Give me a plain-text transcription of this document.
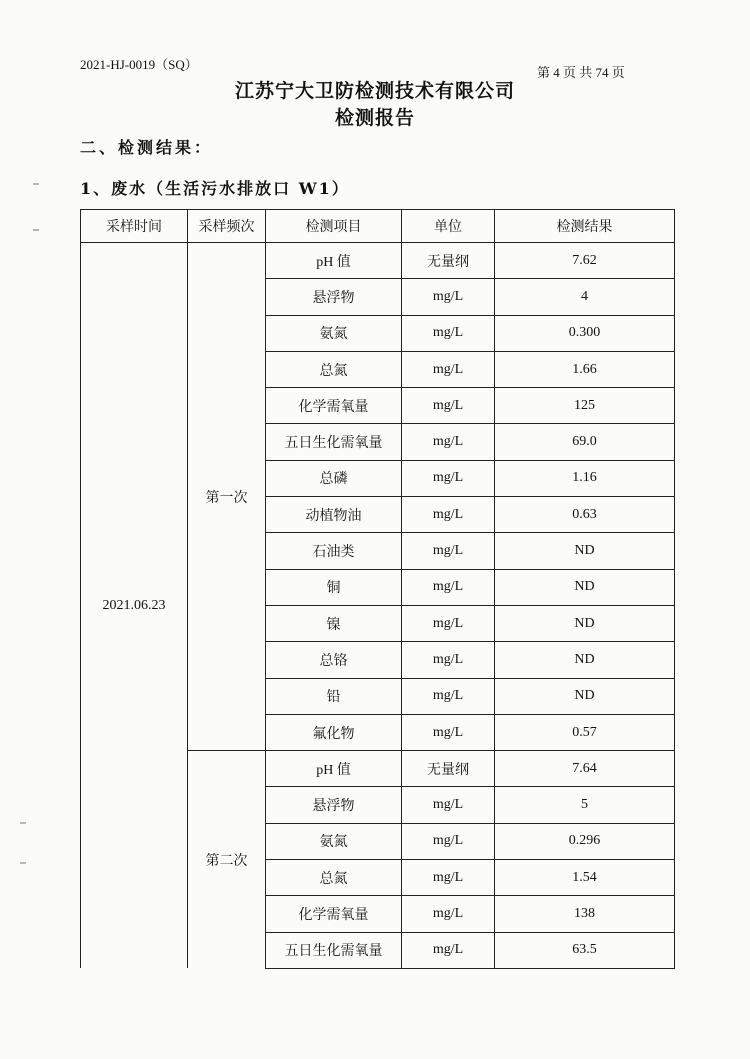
2021-HJ-0019（SQ）
第 4 页 共 74 页
江苏宁大卫防检测技术有限公司
检测报告
二、检测结果：
1、废水（生活污水排放口 W1）
采样时间	采样频次	检测项目	单位	检测结果
2021.06.23	第一次	pH 值	无量纲	7.62
		悬浮物	mg/L	4
		氨氮	mg/L	0.300
		总氮	mg/L	1.66
		化学需氧量	mg/L	125
		五日生化需氧量	mg/L	69.0
		总磷	mg/L	1.16
		动植物油	mg/L	0.63
		石油类	mg/L	ND
		铜	mg/L	ND
		镍	mg/L	ND
		总铬	mg/L	ND
		铅	mg/L	ND
		氟化物	mg/L	0.57
	第二次	pH 值	无量纲	7.64
		悬浮物	mg/L	5
		氨氮	mg/L	0.296
		总氮	mg/L	1.54
		化学需氧量	mg/L	138
		五日生化需氧量	mg/L	63.5
